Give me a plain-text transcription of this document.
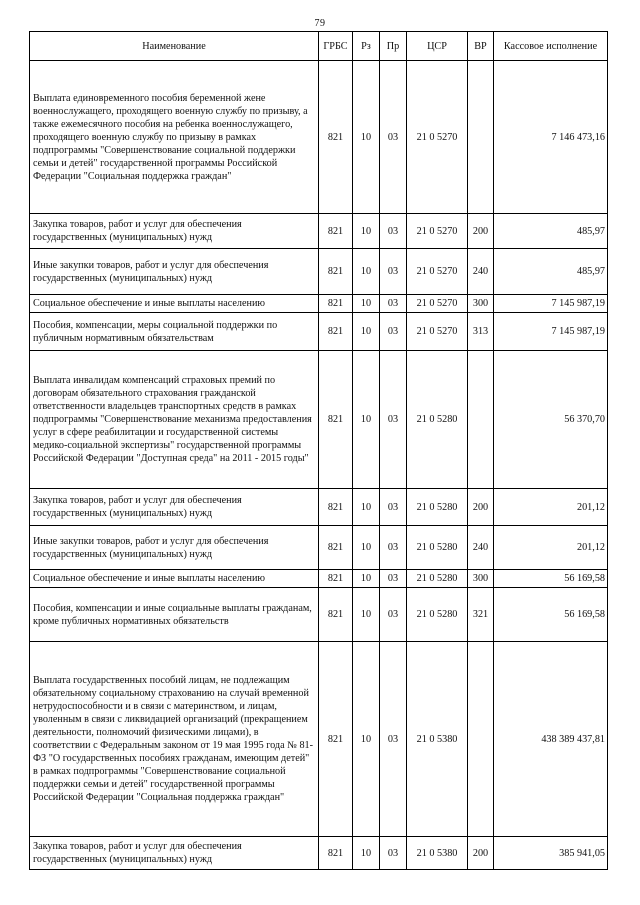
79
Наименование	ГРБС	Рз	Пр	ЦСР	ВР	Кассовое исполнение
Выплата единовременного пособия беременной жене военнослужащего, проходящего военную службу по призыву, а также ежемесячного пособия на ребенка военнослужащего, проходящего военную службу по призыву в рамках подпрограммы "Совершенствование социальной поддержки семьи и детей" государственной программы Российской Федерации "Социальная поддержка граждан"	821	10	03	21 0 5270		7 146 473,16
Закупка товаров, работ и услуг для обеспечения государственных (муниципальных) нужд	821	10	03	21 0 5270	200	485,97
Иные закупки товаров, работ и услуг для обеспечения государственных (муниципальных) нужд	821	10	03	21 0 5270	240	485,97
Социальное обеспечение и иные выплаты населению	821	10	03	21 0 5270	300	7 145 987,19
Пособия, компенсации, меры социальной поддержки по публичным нормативным обязательствам	821	10	03	21 0 5270	313	7 145 987,19
Выплата инвалидам компенсаций страховых премий по договорам обязательного страхования гражданской ответственности владельцев транспортных средств в рамках подпрограммы "Совершенствование механизма предоставления услуг в сфере реабилитации и государственной системы медико-социальной экспертизы" государственной программы Российской Федерации "Доступная среда" на 2011 - 2015 годы"	821	10	03	21 0 5280		56 370,70
Закупка товаров, работ и услуг для обеспечения государственных (муниципальных) нужд	821	10	03	21 0 5280	200	201,12
Иные закупки товаров, работ и услуг для обеспечения государственных (муниципальных) нужд	821	10	03	21 0 5280	240	201,12
Социальное обеспечение и иные выплаты населению	821	10	03	21 0 5280	300	56 169,58
Пособия, компенсации и иные социальные выплаты гражданам, кроме публичных нормативных обязательств	821	10	03	21 0 5280	321	56 169,58
Выплата государственных пособий лицам, не подлежащим обязательному социальному страхованию на случай временной нетрудоспособности и в связи с материнством, и лицам, уволенным в связи с ликвидацией организаций (прекращением деятельности, полномочий физическими лицами), в соответствии с Федеральным законом от 19 мая 1995 года № 81-ФЗ "О государственных пособиях гражданам, имеющим детей" в рамках подпрограммы "Совершенствование социальной поддержки семьи и детей" государственной программы Российской Федерации "Социальная поддержка граждан"	821	10	03	21 0 5380		438 389 437,81
Закупка товаров, работ и услуг для обеспечения государственных (муниципальных) нужд	821	10	03	21 0 5380	200	385 941,05
